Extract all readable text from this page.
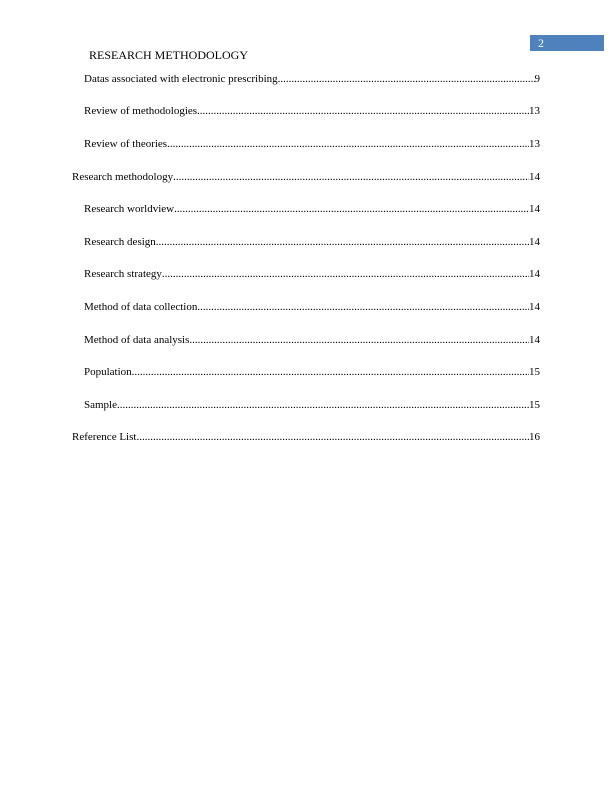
2
RESEARCH METHODOLOGY
Datas associated with electronic prescribing .....	9
Review of methodologies .....	13
Review of theories .....	13
Research methodology .....	14
Research worldview .....	14
Research design .....	14
Research strategy .....	14
Method of data collection .....	14
Method of data analysis .....	14
Population .....	15
Sample .....	15
Reference List .....	16
